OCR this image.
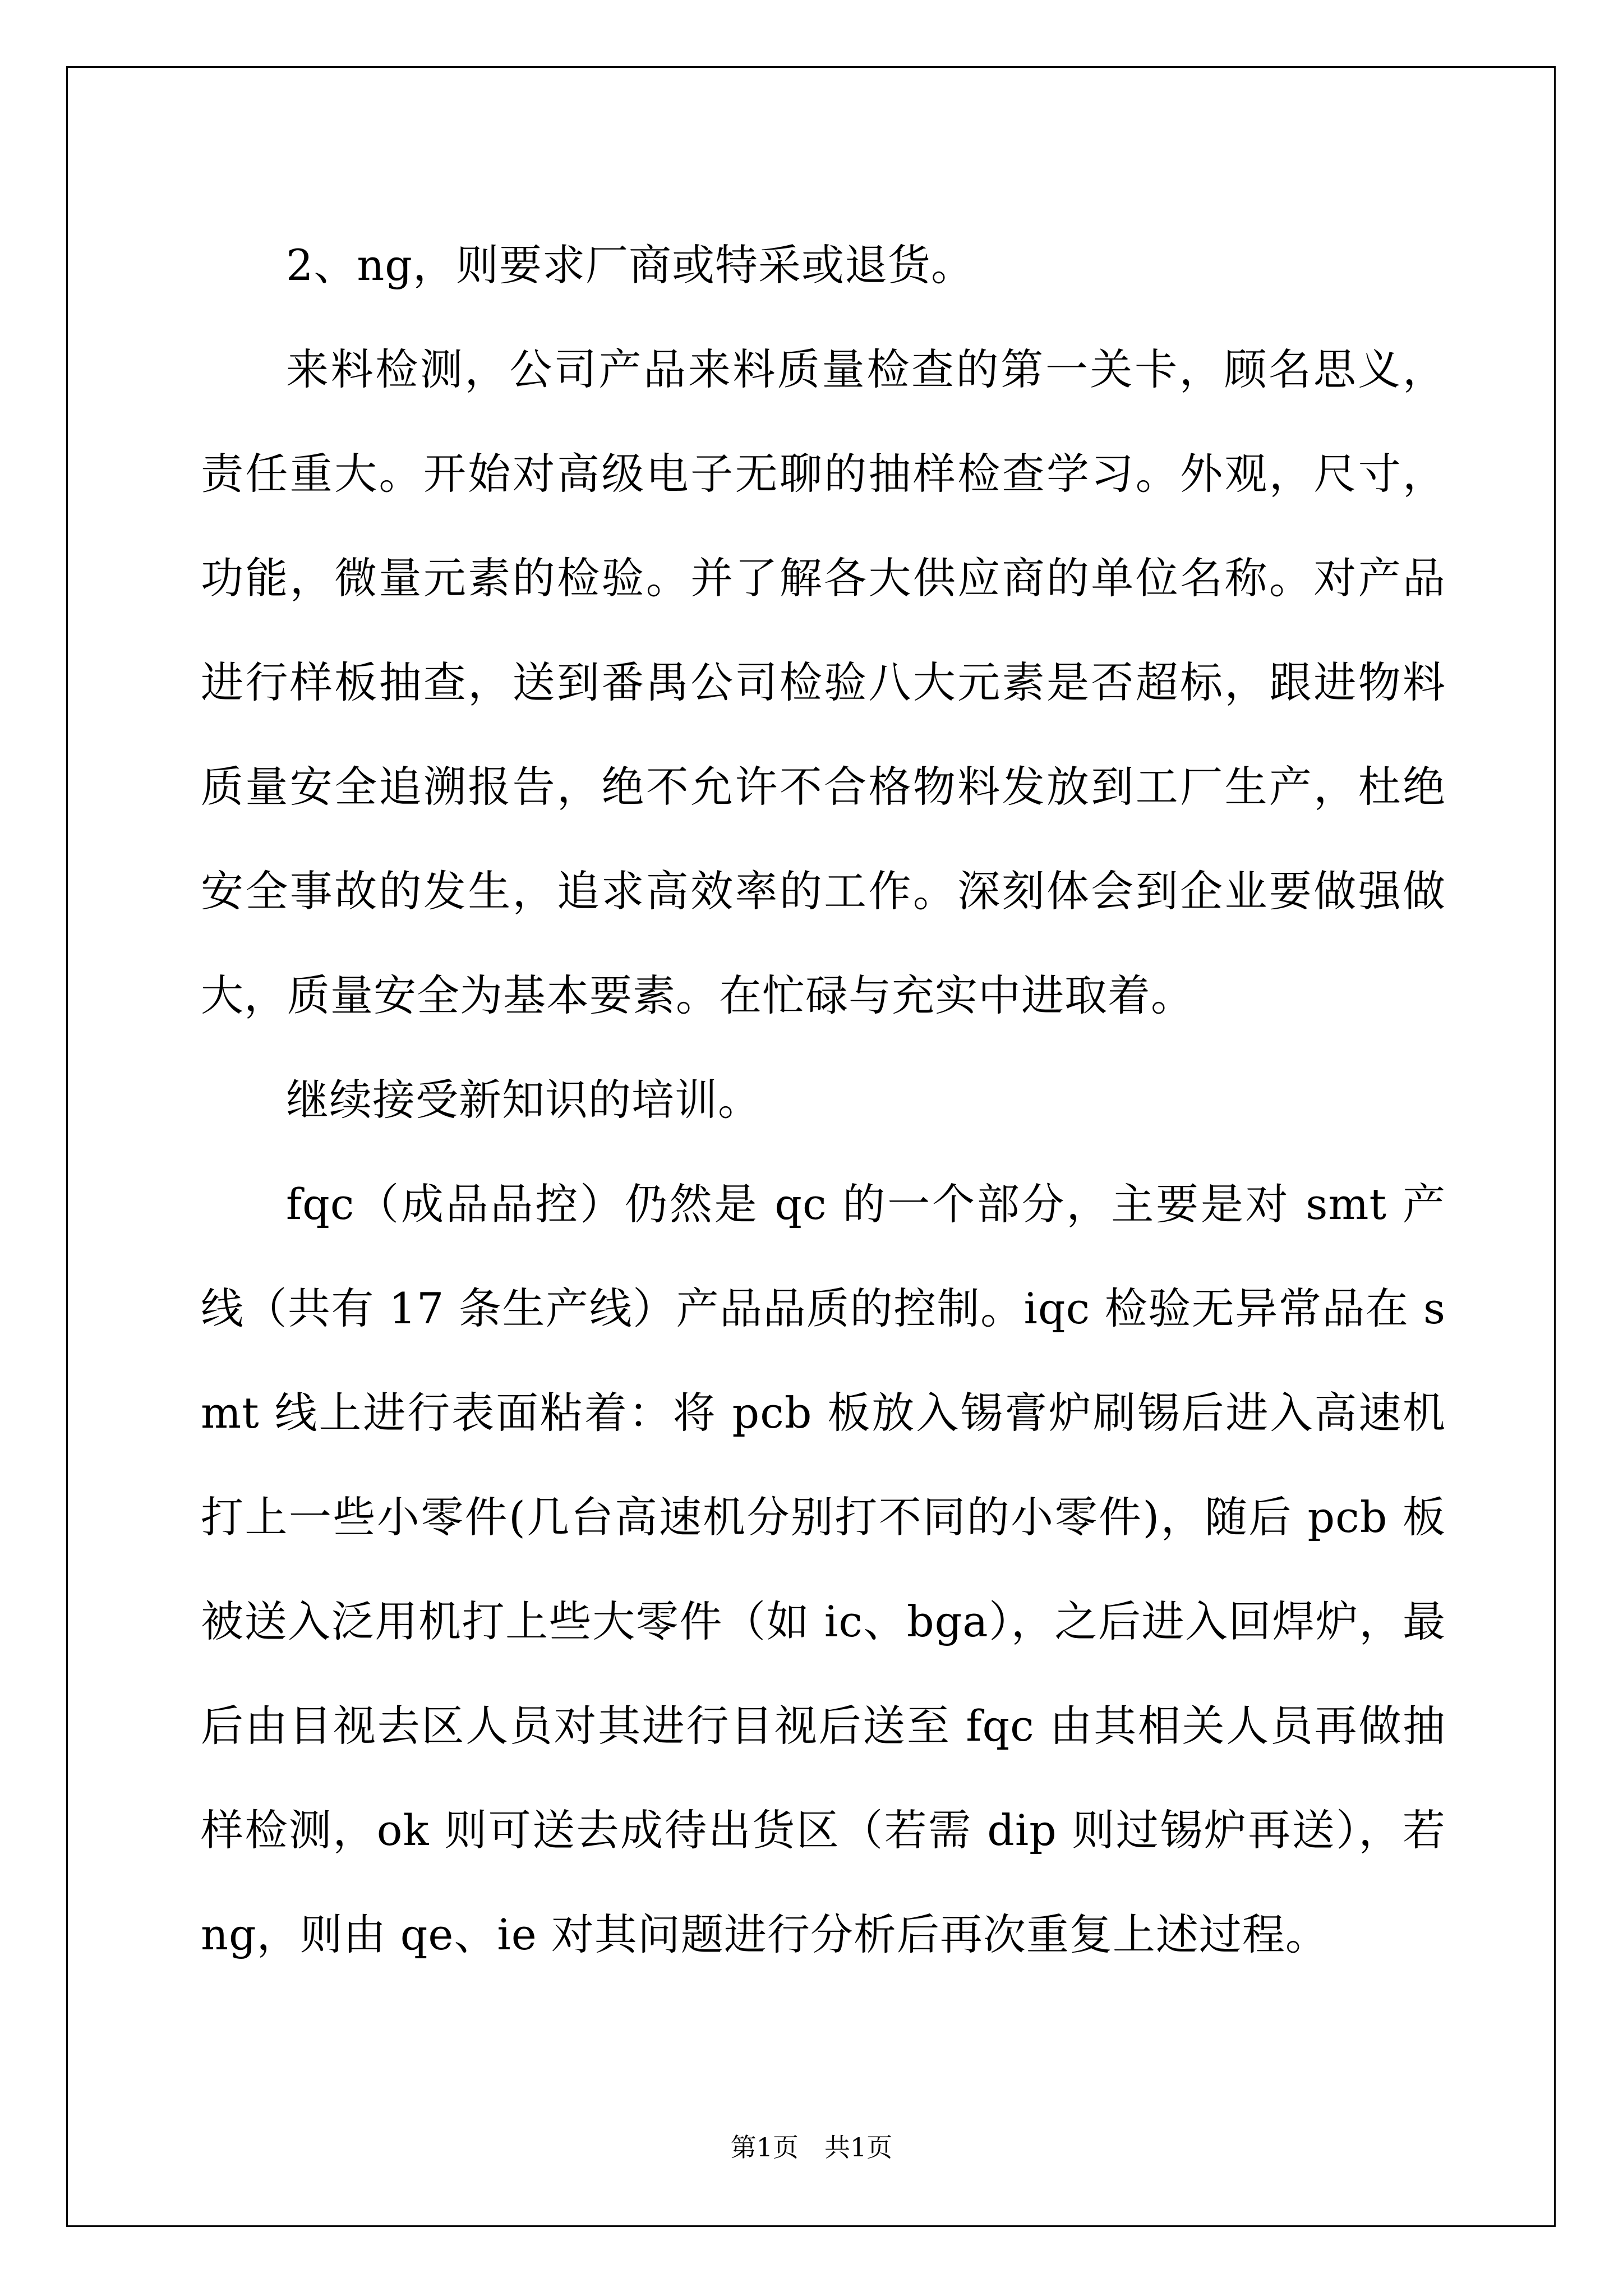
2、ng，则要求厂商或特采或退货。

来料检测，公司产品来料质量检查的第一关卡，顾名思义，责任重大。开始对高级电子无聊的抽样检查学习。外观，尺寸，功能，微量元素的检验。并了解各大供应商的单位名称。对产品进行样板抽查，送到番禺公司检验八大元素是否超标，跟进物料质量安全追溯报告，绝不允许不合格物料发放到工厂生产，杜绝安全事故的发生，追求高效率的工作。深刻体会到企业要做强做大，质量安全为基本要素。在忙碌与充实中进取着。

继续接受新知识的培训。

fqc（成品品控）仍然是 qc 的一个部分，主要是对 smt 产线（共有 17 条生产线）产品品质的控制。iqc 检验无异常品在 smt 线上进行表面粘着：将 pcb 板放入锡膏炉刷锡后进入高速机打上一些小零件(几台高速机分别打不同的小零件)，随后 pcb 板被送入泛用机打上些大零件（如 ic、bga），之后进入回焊炉，最后由目视去区人员对其进行目视后送至 fqc 由其相关人员再做抽样检测，ok 则可送去成待出货区（若需 dip 则过锡炉再送），若 ng，则由 qe、ie 对其问题进行分析后再次重复上述过程。

第1页 共1页
